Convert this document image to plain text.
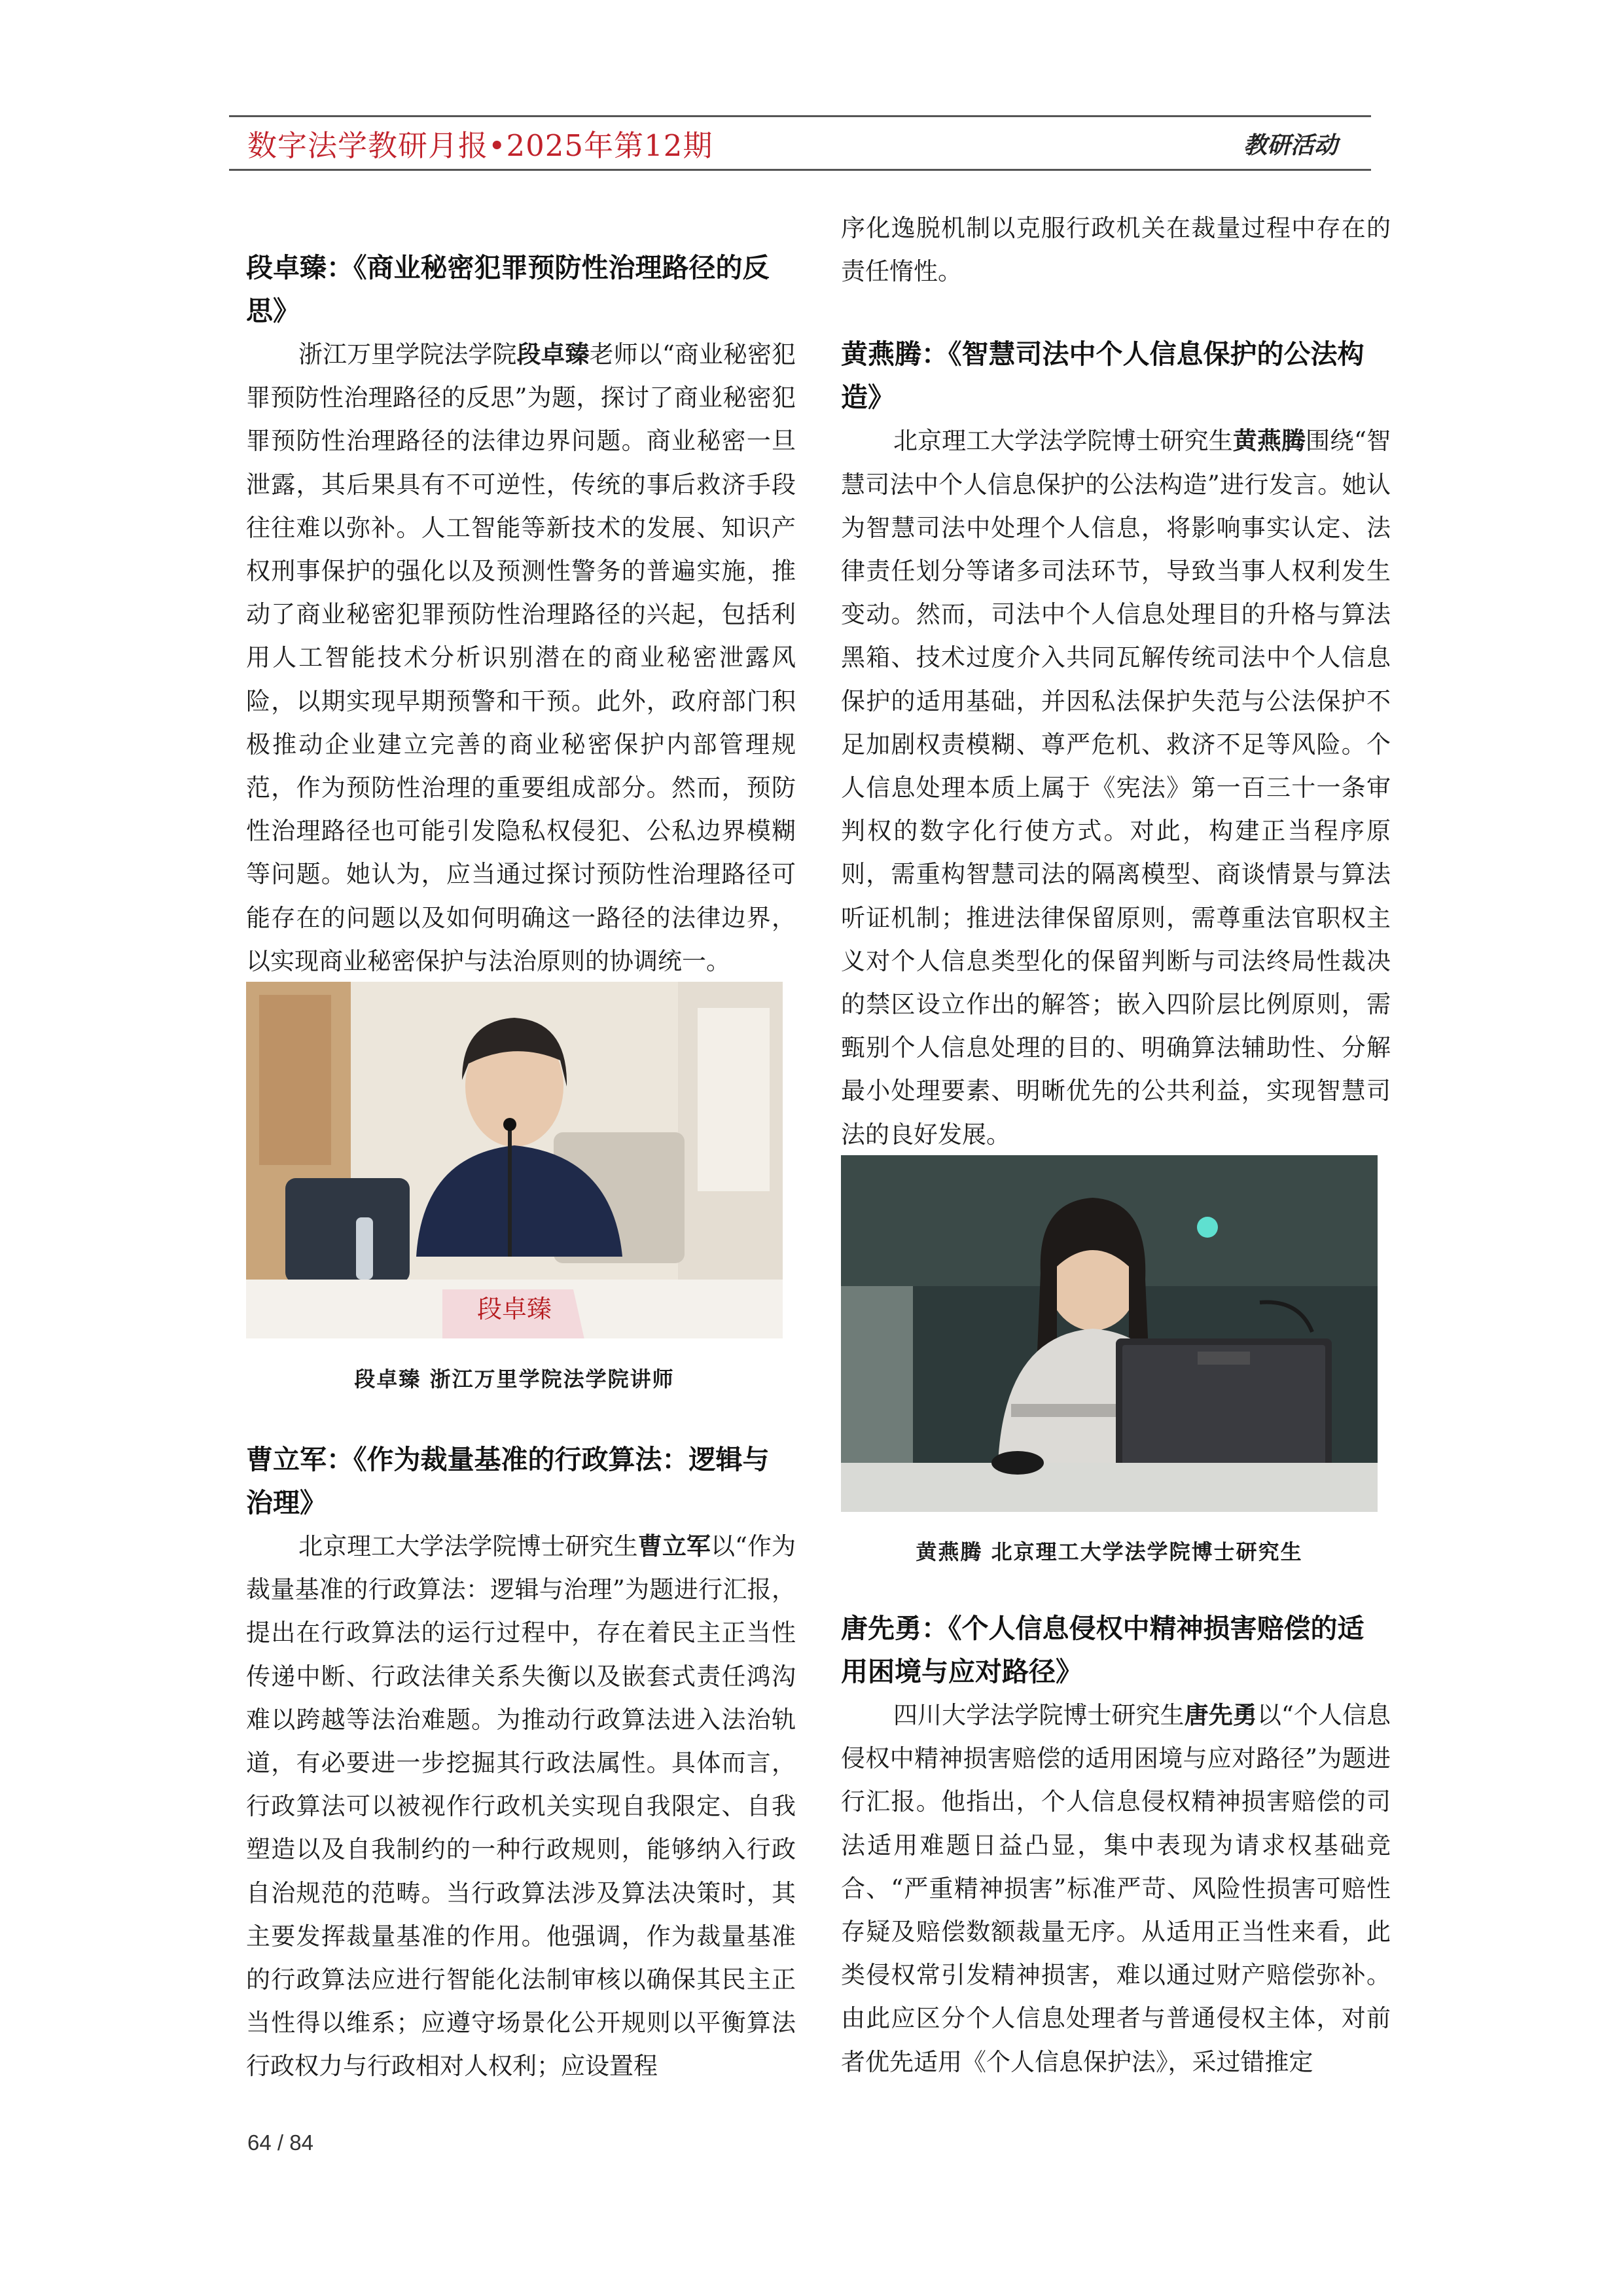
数字法学教研月报•2025年第12期	教研活动
段卓臻：《商业秘密犯罪预防性治理路径的反思》

浙江万里学院法学院段卓臻老师以“商业秘密犯罪预防性治理路径的反思”为题，探讨了商业秘密犯罪预防性治理路径的法律边界问题。商业秘密一旦泄露，其后果具有不可逆性，传统的事后救济手段往往难以弥补。人工智能等新技术的发展、知识产权刑事保护的强化以及预测性警务的普遍实施，推动了商业秘密犯罪预防性治理路径的兴起，包括利用人工智能技术分析识别潜在的商业秘密泄露风险，以期实现早期预警和干预。此外，政府部门积极推动企业建立完善的商业秘密保护内部管理规范，作为预防性治理的重要组成部分。然而，预防性治理路径也可能引发隐私权侵犯、公私边界模糊等问题。她认为，应当通过探讨预防性治理路径可能存在的问题以及如何明确这一路径的法律边界，以实现商业秘密保护与法治原则的协调统一。

段卓臻

段卓臻 浙江万里学院法学院讲师

曹立军：《作为裁量基准的行政算法：逻辑与治理》

北京理工大学法学院博士研究生曹立军以“作为裁量基准的行政算法：逻辑与治理”为题进行汇报，提出在行政算法的运行过程中，存在着民主正当性传递中断、行政法律关系失衡以及嵌套式责任鸿沟难以跨越等法治难题。为推动行政算法进入法治轨道，有必要进一步挖掘其行政法属性。具体而言，行政算法可以被视作行政机关实现自我限定、自我塑造以及自我制约的一种行政规则，能够纳入行政自治规范的范畴。当行政算法涉及算法决策时，其主要发挥裁量基准的作用。他强调，作为裁量基准的行政算法应进行智能化法制审核以确保其民主正当性得以维系；应遵守场景化公开规则以平衡算法行政权力与行政相对人权利；应设置程

序化逸脱机制以克服行政机关在裁量过程中存在的责任惰性。

黄燕腾：《智慧司法中个人信息保护的公法构造》

北京理工大学法学院博士研究生黄燕腾围绕“智慧司法中个人信息保护的公法构造”进行发言。她认为智慧司法中处理个人信息，将影响事实认定、法律责任划分等诸多司法环节，导致当事人权利发生变动。然而，司法中个人信息处理目的升格与算法黑箱、技术过度介入共同瓦解传统司法中个人信息保护的适用基础，并因私法保护失范与公法保护不足加剧权责模糊、尊严危机、救济不足等风险。个人信息处理本质上属于《宪法》第一百三十一条审判权的数字化行使方式。对此，构建正当程序原则，需重构智慧司法的隔离模型、商谈情景与算法听证机制；推进法律保留原则，需尊重法官职权主义对个人信息类型化的保留判断与司法终局性裁决的禁区设立作出的解答；嵌入四阶层比例原则，需甄别个人信息处理的目的、明确算法辅助性、分解最小处理要素、明晰优先的公共利益，实现智慧司法的良好发展。

黄燕腾 北京理工大学法学院博士研究生

唐先勇：《个人信息侵权中精神损害赔偿的适用困境与应对路径》

四川大学法学院博士研究生唐先勇以“个人信息侵权中精神损害赔偿的适用困境与应对路径”为题进行汇报。他指出，个人信息侵权精神损害赔偿的司法适用难题日益凸显，集中表现为请求权基础竞合、“严重精神损害”标准严苛、风险性损害可赔性存疑及赔偿数额裁量无序。从适用正当性来看，此类侵权常引发精神损害，难以通过财产赔偿弥补。由此应区分个人信息处理者与普通侵权主体，对前者优先适用《个人信息保护法》，采过错推定

64 / 84
